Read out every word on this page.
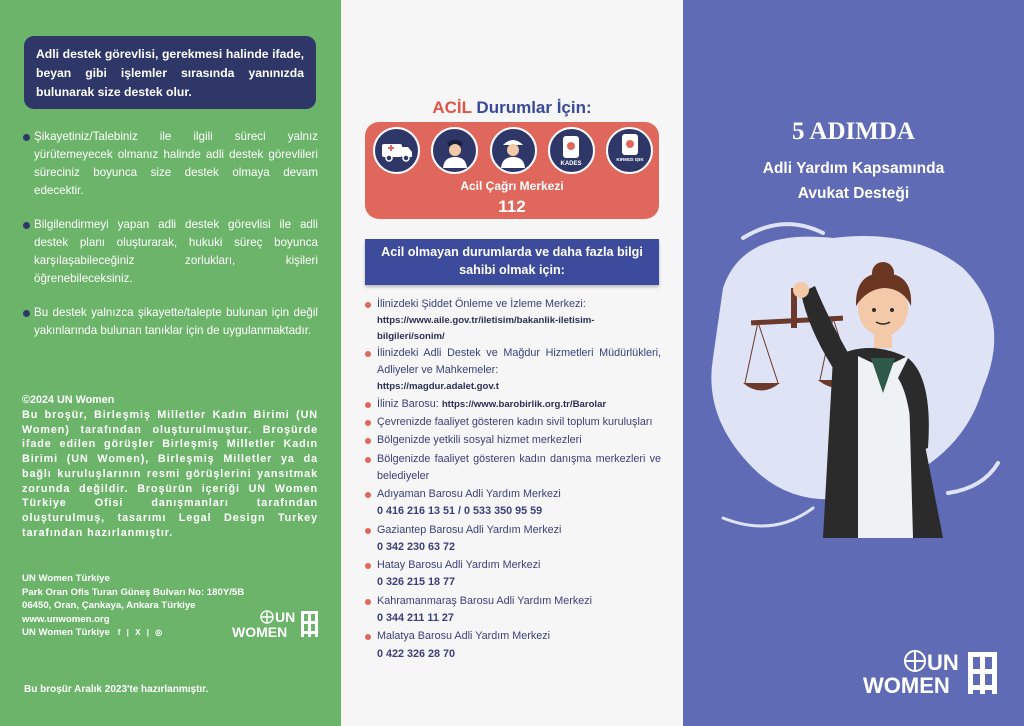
Adli destek görevlisi, gerekmesi halinde ifade, beyan gibi işlemler sırasında yanınızda bulunarak size destek olur.

Şikayetiniz/Talebiniz ile ilgili süreci yalnız yürütemeyecek olmanız halinde adli destek görevlileri süreciniz boyunca size destek olmaya devam edecektir.

Bilgilendirmeyi yapan adli destek görevlisi ile adli destek planı oluşturarak, hukuki süreç boyunca karşılaşabileceğiniz zorlukları, kişileri öğrenebileceksiniz.

Bu destek yalnızca şikayette/talepte bulunan için değil yakınlarında bulunan tanıklar için de uygulanmaktadır.

©2024 UN Women
Bu broşür, Birleşmiş Milletler Kadın Birimi (UN Women) tarafından oluşturulmuştur. Broşürde ifade edilen görüşler Birleşmiş Milletler Kadın Birimi (UN Women), Birleşmiş Milletler ya da bağlı kuruluşlarının resmi görüşlerini yansıtmak zorunda değildir. Broşürün içeriği UN Women Türkiye Ofisi danışmanları tarafından oluşturulmuş, tasarımı Legal Design Turkey tarafından hazırlanmıştır.
UN Women Türkiye
Park Oran Ofis Turan Güneş Bulvarı No: 180Y/5B
06450, Oran, Çankaya, Ankara Türkiye
www.unwomen.org
UN Women Türkiye f | X | ◎
UN
WOMEN
Bu broşür Aralık 2023'te hazırlanmıştır.
ACİL Durumlar İçin:
KADES
KIRMIZI IŞIK
Acil Çağrı Merkezi
112
Acil olmayan durumlarda ve daha fazla bilgi sahibi olmak için:
İlinizdeki Şiddet Önleme ve İzleme Merkezi:
https://www.aile.gov.tr/iletisim/bakanlik-iletisim-bilgileri/sonim/
İlinizdeki Adli Destek ve Mağdur Hizmetleri Müdürlükleri, Adliyeler ve Mahkemeler:
https://magdur.adalet.gov.t
İliniz Barosu: https://www.barobirlik.org.tr/Barolar
Çevrenizde faaliyet gösteren kadın sivil toplum kuruluşları
Bölgenizde yetkili sosyal hizmet merkezleri
Bölgenizde faaliyet gösteren kadın danışma merkezleri ve belediyeler
Adıyaman Barosu Adli Yardım Merkezi
0 416 216 13 51 / 0 533 350 95 59
Gaziantep Barosu Adli Yardım Merkezi
0 342 230 63 72
Hatay Barosu Adli Yardım Merkezi
0 326 215 18 77
Kahramanmaraş Barosu Adli Yardım Merkezi
0 344 211 11 27
Malatya Barosu Adli Yardım Merkezi
0 422 326 28 70
5 ADIMDA
Adli Yardım Kapsamında
Avukat Desteği
UN
WOMEN
